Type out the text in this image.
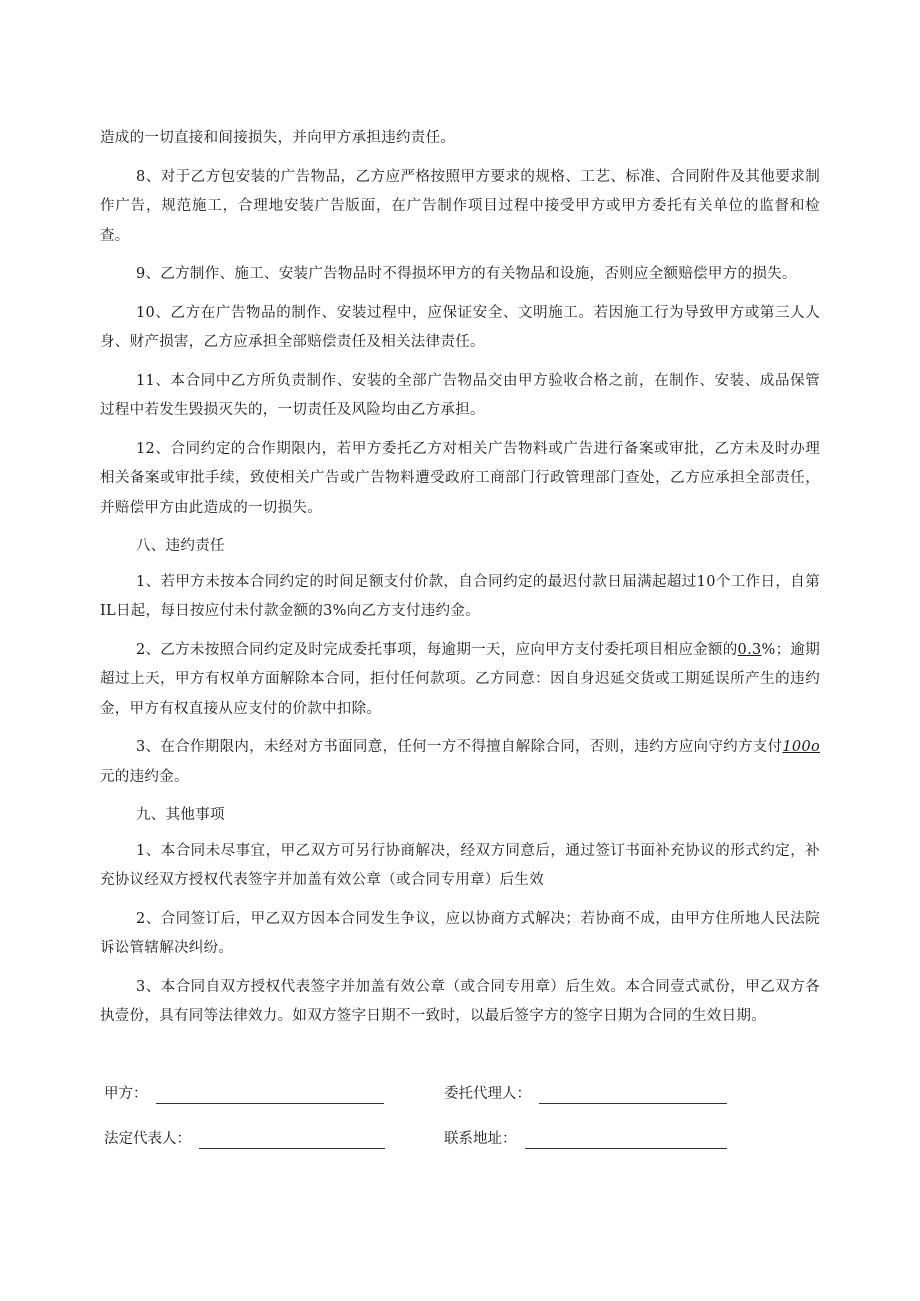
造成的一切直接和间接损失，并向甲方承担违约责任。

8、对于乙方包安装的广告物品，乙方应严格按照甲方要求的规格、工艺、标准、合同附件及其他要求制作广告，规范施工，合理地安装广告版面，在广告制作项目过程中接受甲方或甲方委托有关单位的监督和检查。

9、乙方制作、施工、安装广告物品时不得损坏甲方的有关物品和设施，否则应全额赔偿甲方的损失。

10、乙方在广告物品的制作、安装过程中，应保证安全、文明施工。若因施工行为导致甲方或第三人人身、财产损害，乙方应承担全部赔偿责任及相关法律责任。

11、本合同中乙方所负责制作、安装的全部广告物品交由甲方验收合格之前，在制作、安装、成品保管过程中若发生毁损灭失的，一切责任及风险均由乙方承担。

12、合同约定的合作期限内，若甲方委托乙方对相关广告物料或广告进行备案或审批，乙方未及时办理相关备案或审批手续，致使相关广告或广告物料遭受政府工商部门行政管理部门查处，乙方应承担全部责任，并赔偿甲方由此造成的一切损失。

八、违约责任

1、若甲方未按本合同约定的时间足额支付价款，自合同约定的最迟付款日届满起超过10个工作日，自第IL日起，每日按应付未付款金额的3%向乙方支付违约金。

2、乙方未按照合同约定及时完成委托事项，每逾期一天，应向甲方支付委托项目相应金额的0.3%；逾期超过上天，甲方有权单方面解除本合同，拒付任何款项。乙方同意：因自身迟延交货或工期延误所产生的违约金，甲方有权直接从应支付的价款中扣除。

3、在合作期限内，未经对方书面同意，任何一方不得擅自解除合同，否则，违约方应向守约方支付100o元的违约金。

九、其他事项

1、本合同未尽事宜，甲乙双方可另行协商解决，经双方同意后，通过签订书面补充协议的形式约定，补充协议经双方授权代表签字并加盖有效公章（或合同专用章）后生效

2、合同签订后，甲乙双方因本合同发生争议，应以协商方式解决；若协商不成，由甲方住所地人民法院诉讼管辖解决纠纷。

3、本合同自双方授权代表签字并加盖有效公章（或合同专用章）后生效。本合同壹式贰份，甲乙双方各执壹份，具有同等法律效力。如双方签字日期不一致时，以最后签字方的签字日期为合同的生效日期。

甲方：	委托代理人：
法定代表人：	联系地址：
